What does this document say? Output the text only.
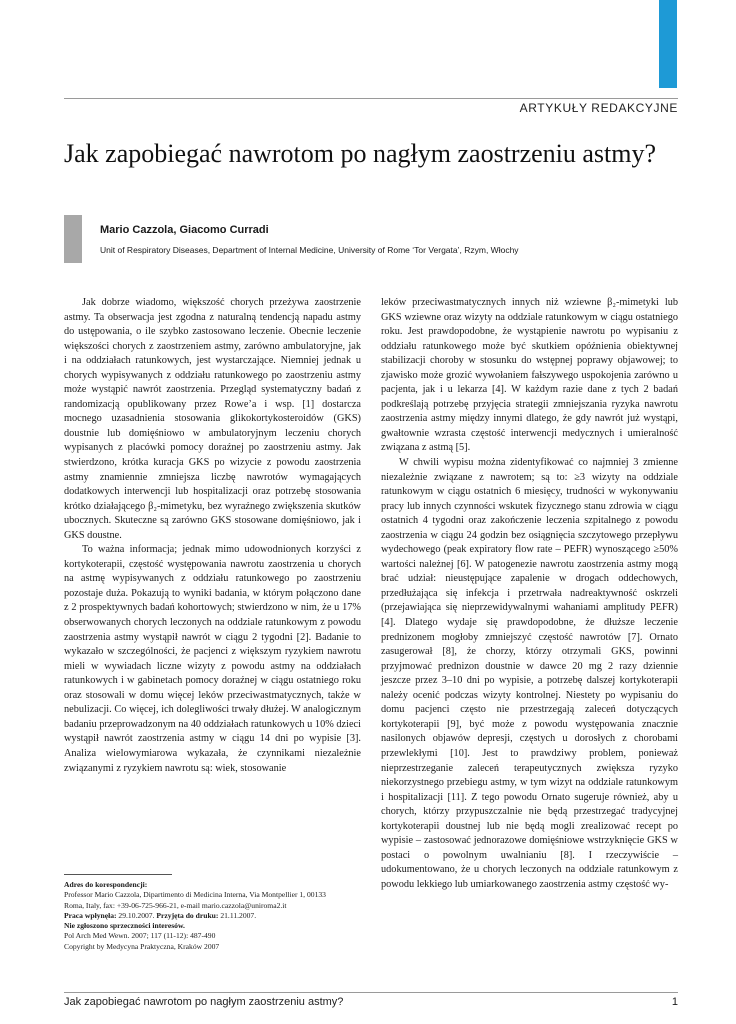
ARTYKUŁY REDAKCYJNE
Jak zapobiegać nawrotom po nagłym zaostrzeniu astmy?
Mario Cazzola, Giacomo Curradi
Unit of Respiratory Diseases, Department of Internal Medicine, University of Rome ‘Tor Vergata’, Rzym, Włochy

Jak dobrze wiadomo, większość chorych przeżywa zaostrzenie astmy. Ta obserwacja jest zgodna z naturalną tendencją napadu astmy do ustępowania, o ile szybko zastosowano leczenie. Obecnie leczenie większości chorych z zaostrzeniem astmy, zarówno ambulatoryjne, jak i na oddziałach ratunkowych, jest wystarczające. Niemniej jednak u chorych wypisywanych z oddziału ratunkowego po zaostrzeniu astmy może wystąpić nawrót zaostrzenia. Przegląd systematyczny badań z randomizacją opublikowany przez Rowe’a i wsp. [1] dostarcza mocnego uzasadnienia stosowania glikokortykosteroidów (GKS) doustnie lub domięśniowo w ambulatoryjnym leczeniu chorych wypisanych z placówki pomocy doraźnej po zaostrzeniu astmy. Jak stwierdzono, krótka kuracja GKS po wizycie z powodu zaostrzenia astmy znamiennie zmniejsza liczbę nawrotów wymagających dodatkowych interwencji lub hospitalizacji oraz potrzebę stosowania krótko działającego β₂-mimetyku, bez wyraźnego zwiększenia skutków ubocznych. Skuteczne są zarówno GKS stosowane domięśniowo, jak i GKS doustne.

To ważna informacja; jednak mimo udowodnionych korzyści z kortykoterapii, częstość występowania nawrotu zaostrzenia u chorych na astmę wypisywanych z oddziału ratunkowego po zaostrzeniu pozostaje duża. Pokazują to wyniki badania, w którym połączono dane z 2 prospektywnych badań kohortowych; stwierdzono w nim, że u 17% obserwowanych chorych leczonych na oddziale ratunkowym z powodu zaostrzenia astmy wystąpił nawrót w ciągu 2 tygodni [2]. Badanie to wykazało w szczególności, że pacjenci z większym ryzykiem nawrotu mieli w wywiadach liczne wizyty z powodu astmy na oddziałach ratunkowych i w gabinetach pomocy doraźnej w ciągu ostatniego roku oraz stosowali w domu więcej leków przeciwastmatycznych, także w nebulizacji. Co więcej, ich dolegliwości trwały dłużej. W analogicznym badaniu przeprowadzonym na 40 oddziałach ratunkowych u 10% dzieci wystąpił nawrót zaostrzenia astmy w ciągu 14 dni po wypisie [3]. Analiza wielowymiarowa wykazała, że czynnikami niezależnie związanymi z ryzykiem nawrotu są: wiek, stosowanie

leków przeciwastmatycznych innych niż wziewne β₂-mimetyki lub GKS wziewne oraz wizyty na oddziale ratunkowym w ciągu ostatniego roku. Jest prawdopodobne, że wystąpienie nawrotu po wypisaniu z oddziału ratunkowego może być skutkiem opóźnienia obiektywnej stabilizacji choroby w stosunku do wstępnej poprawy objawowej; to zjawisko może grozić wywołaniem fałszywego uspokojenia zarówno u pacjenta, jak i u lekarza [4]. W każdym razie dane z tych 2 badań podkreślają potrzebę przyjęcia strategii zmniejszania ryzyka nawrotu zaostrzenia astmy między innymi dlatego, że gdy nawrót już wystąpi, gwałtownie wzrasta częstość interwencji medycznych i umieralność związana z astmą [5].

W chwili wypisu można zidentyfikować co najmniej 3 zmienne niezależnie związane z nawrotem; są to: ≥3 wizyty na oddziale ratunkowym w ciągu ostatnich 6 miesięcy, trudności w wykonywaniu pracy lub innych czynności wskutek fizycznego stanu zdrowia w ciągu ostatnich 4 tygodni oraz zakończenie leczenia szpitalnego z powodu zaostrzenia w ciągu 24 godzin bez osiągnięcia szczytowego przepływu wydechowego (peak expiratory flow rate – PEFR) wynoszącego ≥50% wartości należnej [6]. W patogenezie nawrotu zaostrzenia astmy mogą brać udział: nieustępujące zapalenie w drogach oddechowych, przedłużająca się infekcja i przetrwała nadreaktywność oskrzeli (przejawiająca się nieprzewidywalnymi wahaniami amplitudy PEFR) [4]. Dlatego wydaje się prawdopodobne, że dłuższe leczenie prednizonem mogłoby zmniejszyć częstość nawrotów [7]. Ornato zasugerował [8], że chorzy, którzy otrzymali GKS, powinni przyjmować prednizon doustnie w dawce 20 mg 2 razy dziennie jeszcze przez 3–10 dni po wypisie, a potrzebę dalszej kortykoterapii należy ocenić podczas wizyty kontrolnej. Niestety po wypisaniu do domu pacjenci często nie przestrzegają zaleceń dotyczących kortykoterapii [9], być może z powodu występowania znacznie nasilonych objawów depresji, częstych u dorosłych z chorobami przewlekłymi [10]. Jest to prawdziwy problem, ponieważ nieprzestrzeganie zaleceń terapeutycznych zwiększa ryzyko niekorzystnego przebiegu astmy, w tym wizyt na oddziale ratunkowym i hospitalizacji [11]. Z tego powodu Ornato sugeruje również, aby u chorych, którzy przypuszczalnie nie będą przestrzegać tradycyjnej kortykoterapii doustnej lub nie będą mogli zrealizować recept po wypisie – zastosować jednorazowe domięśniowe wstrzyknięcie GKS w postaci o powolnym uwalnianiu [8]. I rzeczywiście – udokumentowano, że u chorych leczonych na oddziale ratunkowym z powodu lekkiego lub umiarkowanego zaostrzenia astmy częstość wy-

Adres do korespondencji:
Professor Mario Cazzola, Dipartimento di Medicina Interna, Via Montpellier 1, 00133
Roma, Italy, fax: +39-06-725-966-21, e-mail mario.cazzola@uniroma2.it
Praca wpłynęła: 29.10.2007. Przyjęta do druku: 21.11.2007.
Nie zgłoszono sprzeczności interesów.
Pol Arch Med Wewn. 2007; 117 (11-12): 487-490
Copyright by Medycyna Praktyczna, Kraków 2007
Jak zapobiegać nawrotom po nagłym zaostrzeniu astmy?	1
